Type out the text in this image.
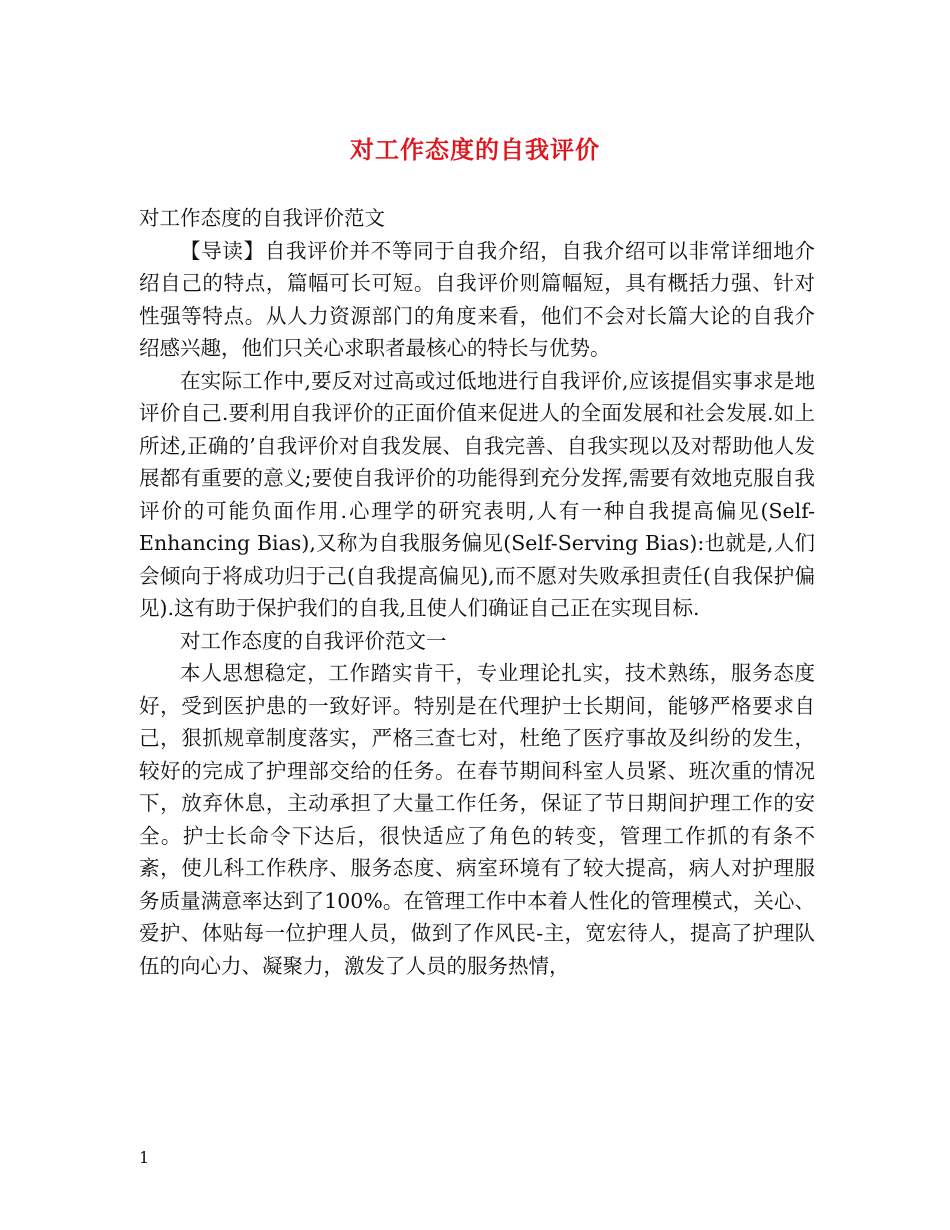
对工作态度的自我评价

对工作态度的自我评价范文

【导读】自我评价并不等同于自我介绍，自我介绍可以非常详细地介绍自己的特点，篇幅可长可短。自我评价则篇幅短，具有概括力强、针对性强等特点。从人力资源部门的角度来看，他们不会对长篇大论的自我介绍感兴趣，他们只关心求职者最核心的特长与优势。

在实际工作中,要反对过高或过低地进行自我评价,应该提倡实事求是地评价自己.要利用自我评价的正面价值来促进人的全面发展和社会发展.如上所述,正确的’自我评价对自我发展、自我完善、自我实现以及对帮助他人发展都有重要的意义;要使自我评价的功能得到充分发挥,需要有效地克服自我评价的可能负面作用.心理学的研究表明,人有一种自我提高偏见(Self- Enhancing Bias),又称为自我服务偏见(Self-Serving Bias):也就是,人们会倾向于将成功归于己(自我提高偏见),而不愿对失败承担责任(自我保护偏见).这有助于保护我们的自我,且使人们确证自己正在实现目标.

对工作态度的自我评价范文一

本人思想稳定，工作踏实肯干，专业理论扎实，技术熟练，服务态度好，受到医护患的一致好评。特别是在代理护士长期间，能够严格要求自己，狠抓规章制度落实，严格三查七对，杜绝了医疗事故及纠纷的发生，较好的完成了护理部交给的任务。在春节期间科室人员紧、班次重的情况下，放弃休息，主动承担了大量工作任务，保证了节日期间护理工作的安全。护士长命令下达后，很快适应了角色的转变，管理工作抓的有条不紊，使儿科工作秩序、服务态度、病室环境有了较大提高，病人对护理服务质量满意率达到了100%。在管理工作中本着人性化的管理模式，关心、爱护、体贴每一位护理人员，做到了作风民-主，宽宏待人，提高了护理队伍的向心力、凝聚力，激发了人员的服务热情，

1
